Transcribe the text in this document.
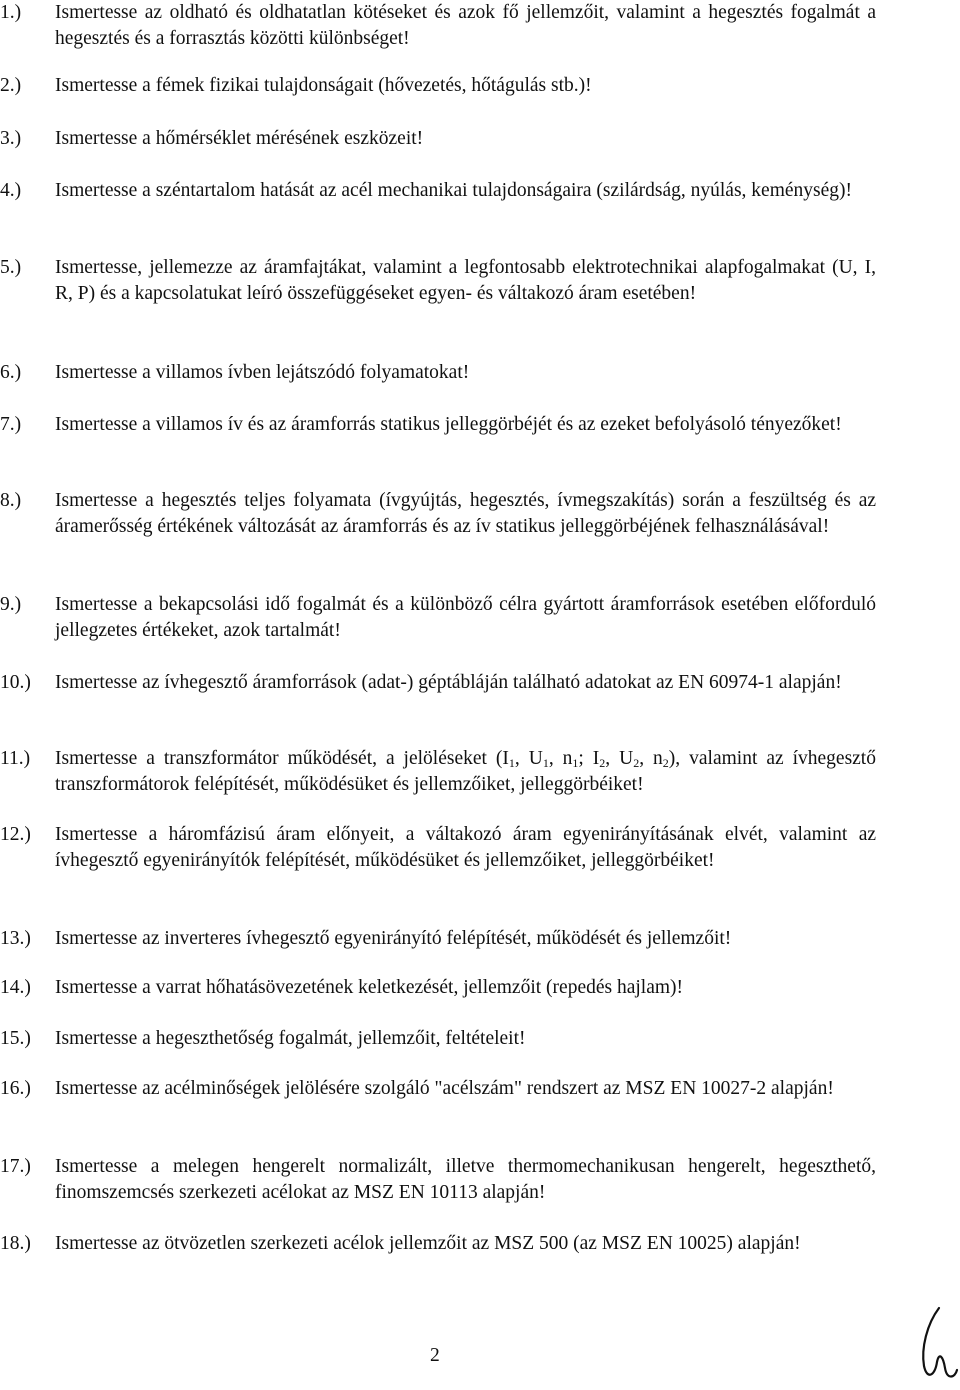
1.)	Ismertesse az oldható és oldhatatlan kötéseket és azok fő jellemzőit, valamint a hegesztés fogalmát a hegesztés és a forrasztás közötti különbséget!
2.)	Ismertesse a fémek fizikai tulajdonságait (hővezetés, hőtágulás stb.)!
3.)	Ismertesse a hőmérséklet mérésének eszközeit!
4.)	Ismertesse a széntartalom hatását az acél mechanikai tulajdonságaira (szilárdság, nyúlás, keménység)!
5.)	Ismertesse, jellemezze az áramfajtákat, valamint a legfontosabb elektrotechnikai alapfogalmakat (U, I, R, P) és a kapcsolatukat leíró összefüggéseket egyen- és váltakozó áram esetében!
6.)	Ismertesse a villamos ívben lejátszódó folyamatokat!
7.)	Ismertesse a villamos ív és az áramforrás statikus jelleggörbéjét és az ezeket befolyásoló tényezőket!
8.)	Ismertesse a hegesztés teljes folyamata (ívgyújtás, hegesztés, ívmegszakítás) során a feszültség és az áramerősség értékének változását az áramforrás és az ív statikus jelleggörbéjének felhasználásával!
9.)	Ismertesse a bekapcsolási idő fogalmát és a különböző célra gyártott áramforrások esetében előforduló jellegzetes értékeket, azok tartalmát!
10.)	Ismertesse az ívhegesztő áramforrások (adat-) géptábláján található adatokat az EN 60974-1 alapján!
11.)	Ismertesse a transzformátor működését, a jelöléseket ($I_1$, $U_1$, $n_1$; $I_2$, $U_2$, $n_2$), valamint az ívhegesztő transzformátorok felépítését, működésüket és jellemzőiket, jelleggörbéiket!
12.)	Ismertesse a háromfázisú áram előnyeit, a váltakozó áram egyenirányításának elvét, valamint az ívhegesztő egyenirányítók felépítését, működésüket és jellemzőiket, jelleggörbéiket!
13.)	Ismertesse az inverteres ívhegesztő egyenirányító felépítését, működését és jellemzőit!
14.)	Ismertesse a varrat hőhatásövezetének keletkezését, jellemzőit (repedés hajlam)!
15.)	Ismertesse a hegeszthetőség fogalmát, jellemzőit, feltételeit!
16.)	Ismertesse az acélminőségek jelölésére szolgáló "acélszám" rendszert az MSZ EN 10027-2 alapján!
17.)	Ismertesse a melegen hengerelt normalizált, illetve thermomechanikusan hengerelt, hegeszthető, finomszemcsés szerkezeti acélokat az MSZ EN 10113 alapján!
18.)	Ismertesse az ötvözetlen szerkezeti acélok jellemzőit az MSZ 500 (az MSZ EN 10025) alapján!
2
